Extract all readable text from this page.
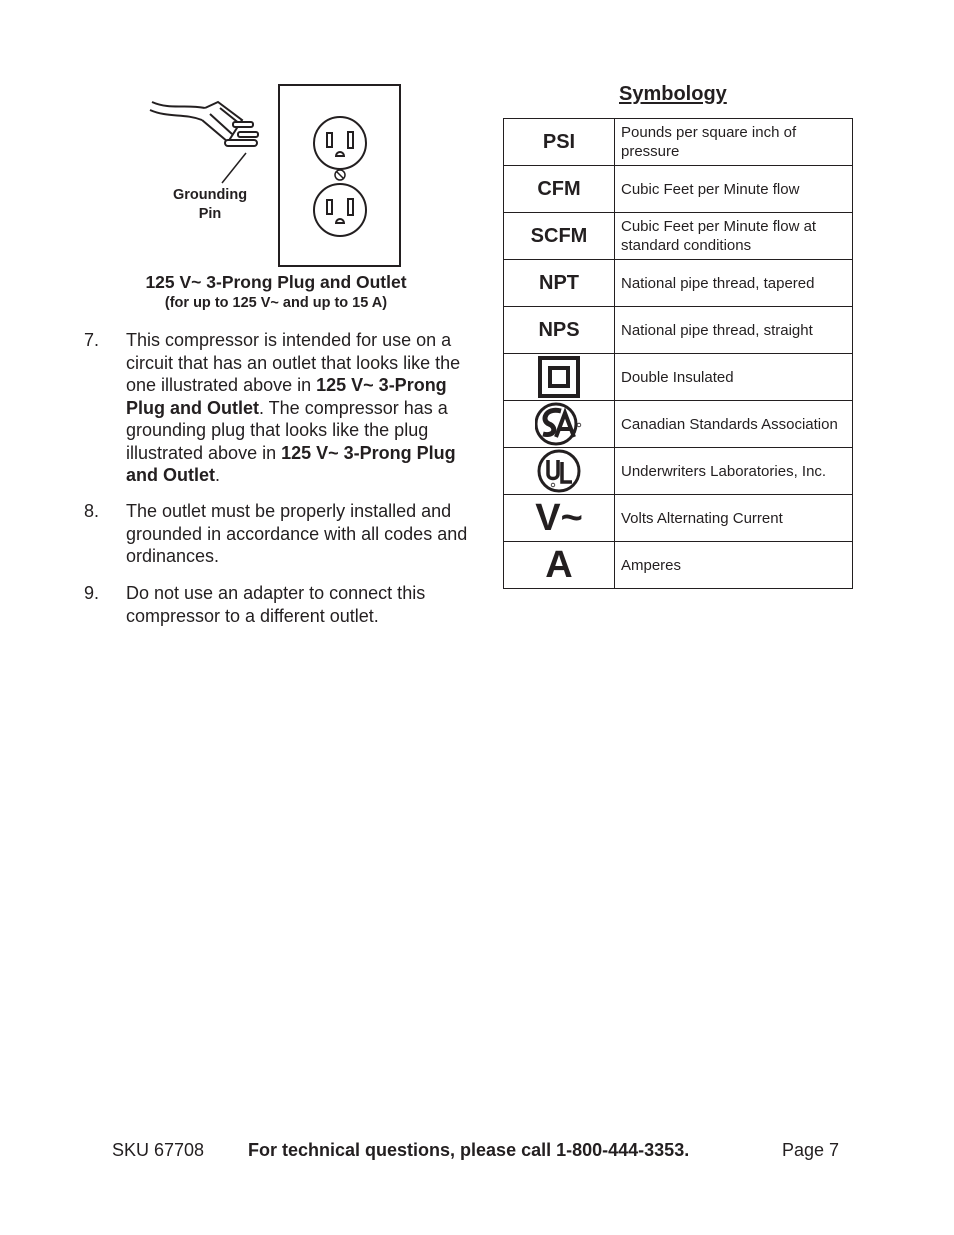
Grounding
Pin
125 V~ 3-Prong Plug and Outlet
(for up to 125 V~ and up to 15 A)
7. This compressor is intended for use on a circuit that has an outlet that looks like the one illustrated above in 125 V~ 3-Prong Plug and Outlet. The compressor has a grounding plug that looks like the plug illustrated above in 125 V~ 3-Prong Plug and Outlet.
8. The outlet must be properly installed and grounded in accordance with all codes and ordinances.
9. Do not use an adapter to connect this compressor to a different outlet.
Symbology
PSI	Pounds per square inch of pressure
CFM	Cubic Feet per Minute flow
SCFM	Cubic Feet per Minute flow at standard conditions
NPT	National pipe thread, tapered
NPS	National pipe thread, straight

	Double Insulated

	Canadian Standards Association

	Underwriters Laboratories, Inc.
V~	Volts Alternating Current
A	Amperes
SKU 67708 For technical questions, please call 1-800-444-3353.	Page 7
